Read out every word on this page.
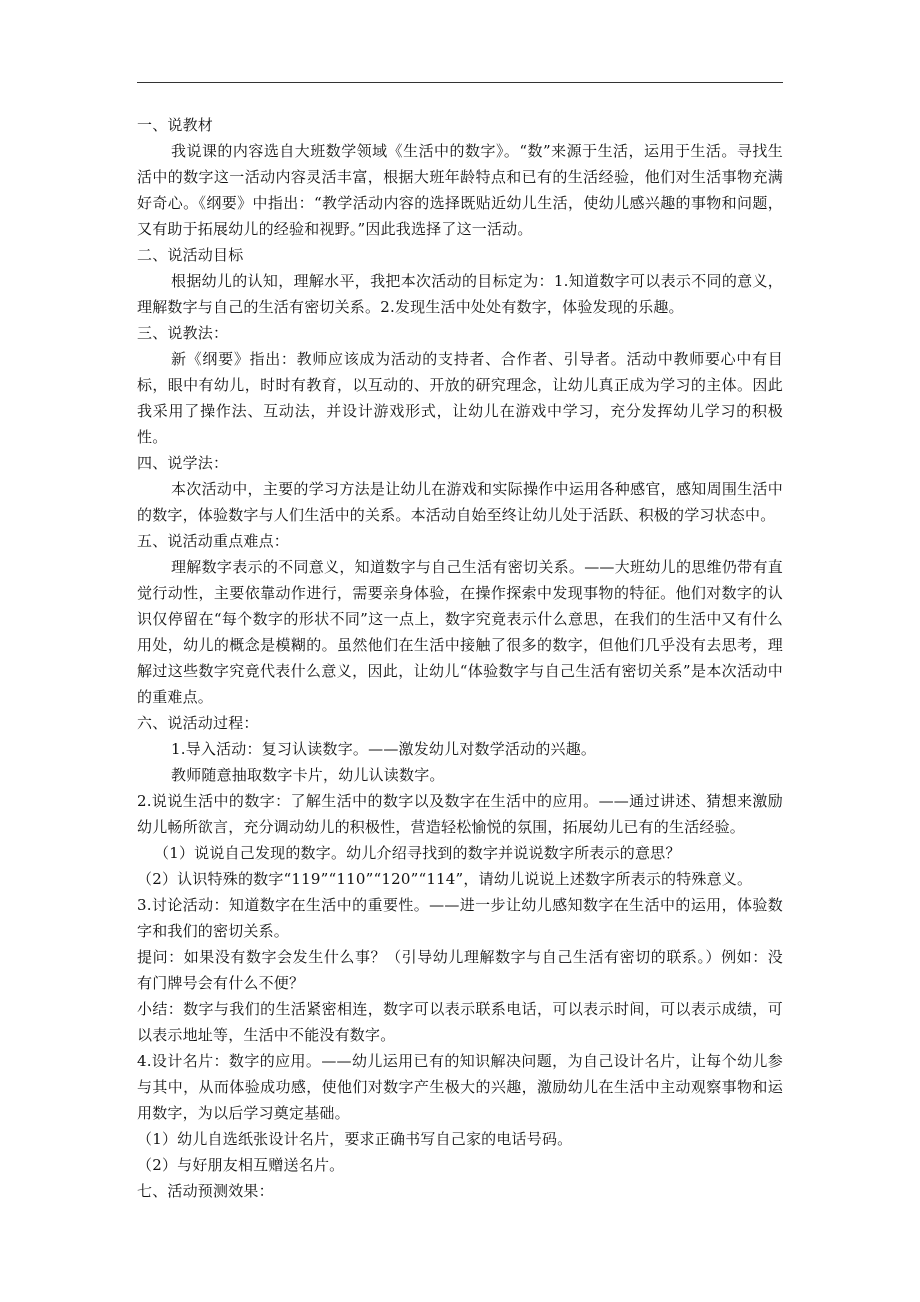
一、说教材

我说课的内容选自大班数学领域《生活中的数字》。“数”来源于生活，运用于生活。寻找生活中的数字这一活动内容灵活丰富，根据大班年龄特点和已有的生活经验，他们对生活事物充满好奇心。《纲要》中指出：“教学活动内容的选择既贴近幼儿生活，使幼儿感兴趣的事物和问题，又有助于拓展幼儿的经验和视野。”因此我选择了这一活动。

二、说活动目标

根据幼儿的认知，理解水平，我把本次活动的目标定为：1.知道数字可以表示不同的意义，理解数字与自己的生活有密切关系。2.发现生活中处处有数字，体验发现的乐趣。

三、说教法：

新《纲要》指出：教师应该成为活动的支持者、合作者、引导者。活动中教师要心中有目标，眼中有幼儿，时时有教育，以互动的、开放的研究理念，让幼儿真正成为学习的主体。因此我采用了操作法、互动法，并设计游戏形式，让幼儿在游戏中学习，充分发挥幼儿学习的积极性。

四、说学法：

本次活动中，主要的学习方法是让幼儿在游戏和实际操作中运用各种感官，感知周围生活中的数字，体验数字与人们生活中的关系。本活动自始至终让幼儿处于活跃、积极的学习状态中。

五、说活动重点难点：

理解数字表示的不同意义，知道数字与自己生活有密切关系。——大班幼儿的思维仍带有直觉行动性，主要依靠动作进行，需要亲身体验，在操作探索中发现事物的特征。他们对数字的认识仅停留在“每个数字的形状不同”这一点上，数字究竟表示什么意思，在我们的生活中又有什么用处，幼儿的概念是模糊的。虽然他们在生活中接触了很多的数字，但他们几乎没有去思考，理解过这些数字究竟代表什么意义，因此，让幼儿“体验数字与自己生活有密切关系”是本次活动中的重难点。

六、说活动过程：

1.导入活动：复习认读数字。——激发幼儿对数学活动的兴趣。

教师随意抽取数字卡片，幼儿认读数字。

2.说说生活中的数字：了解生活中的数字以及数字在生活中的应用。——通过讲述、猜想来激励幼儿畅所欲言，充分调动幼儿的积极性，营造轻松愉悦的氛围，拓展幼儿已有的生活经验。

（1）说说自己发现的数字。幼儿介绍寻找到的数字并说说数字所表示的意思？

（2）认识特殊的数字“119”“110”“120”“114”，请幼儿说说上述数字所表示的特殊意义。

3.讨论活动：知道数字在生活中的重要性。——进一步让幼儿感知数字在生活中的运用，体验数字和我们的密切关系。

提问：如果没有数字会发生什么事？（引导幼儿理解数字与自己生活有密切的联系。）例如：没有门牌号会有什么不便？

小结：数字与我们的生活紧密相连，数字可以表示联系电话，可以表示时间，可以表示成绩，可以表示地址等，生活中不能没有数字。

4.设计名片：数字的应用。——幼儿运用已有的知识解决问题，为自己设计名片，让每个幼儿参与其中，从而体验成功感，使他们对数字产生极大的兴趣，激励幼儿在生活中主动观察事物和运用数字，为以后学习奠定基础。

（1）幼儿自选纸张设计名片，要求正确书写自己家的电话号码。

（2）与好朋友相互赠送名片。

七、活动预测效果：
